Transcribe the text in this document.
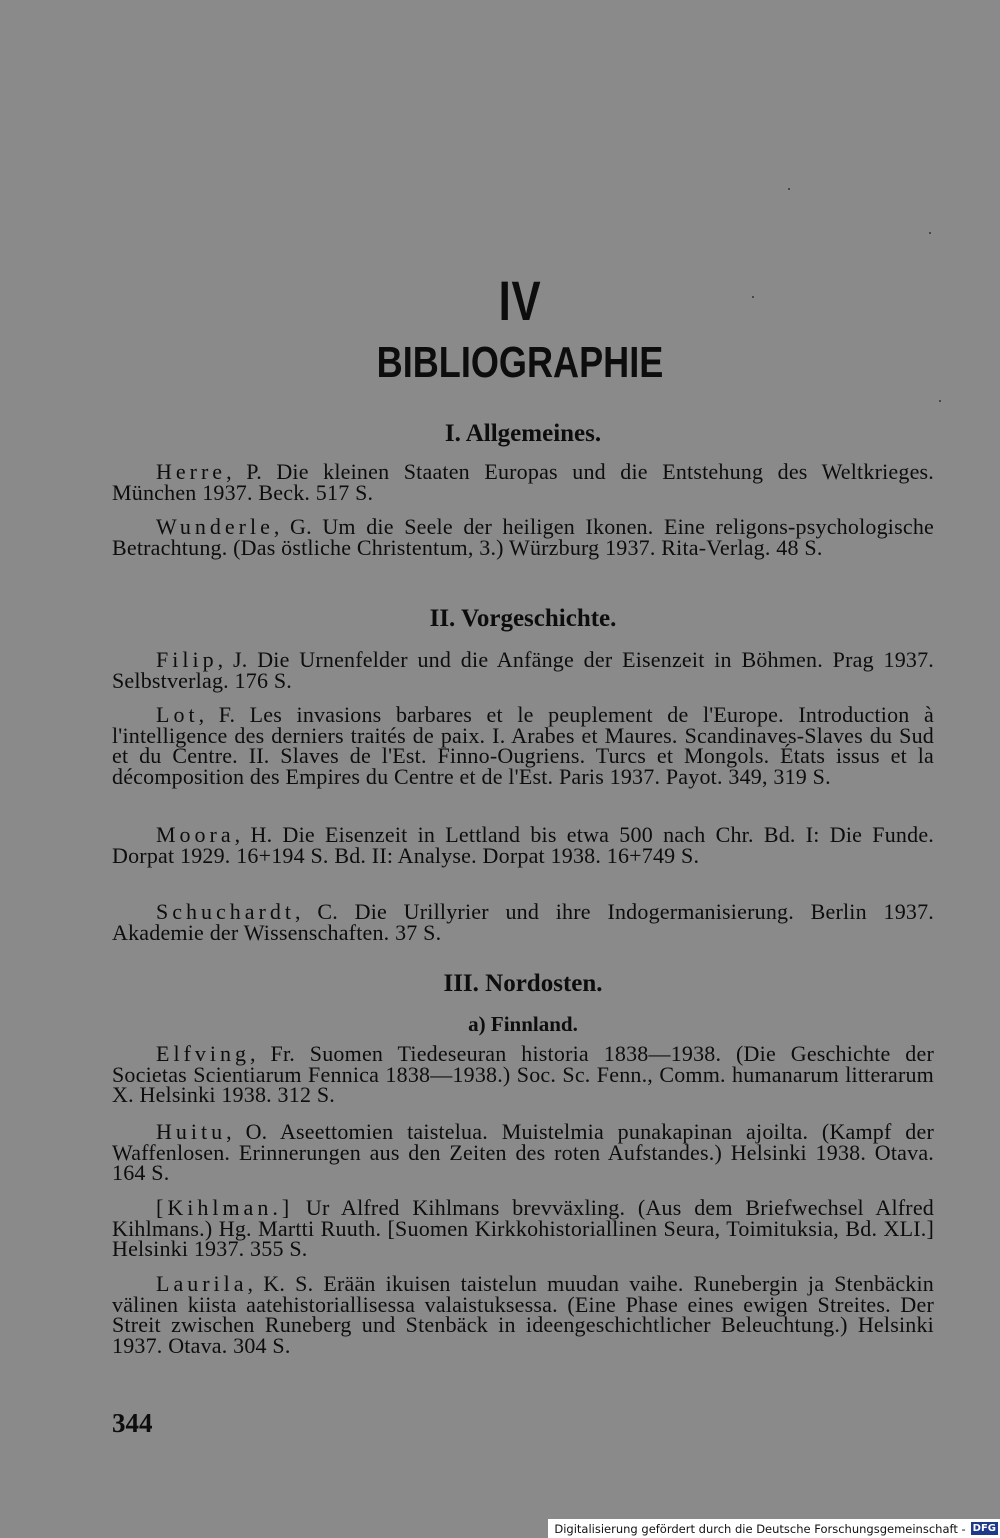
IV
BIBLIOGRAPHIE
I. Allgemeines.
Herre, P. Die kleinen Staaten Europas und die Entstehung des Weltkrieges. München 1937. Beck. 517 S.
Wunderle, G. Um die Seele der heiligen Ikonen. Eine religons-psychologische Betrachtung. (Das östliche Christentum, 3.) Würzburg 1937. Rita-Verlag. 48 S.
II. Vorgeschichte.
Filip, J. Die Urnenfelder und die Anfänge der Eisenzeit in Böhmen. Prag 1937. Selbstverlag. 176 S.
Lot, F. Les invasions barbares et le peuplement de l'Europe. Introduction à l'intelligence des derniers traités de paix. I. Arabes et Maures. Scandinaves-Slaves du Sud et du Centre. II. Slaves de l'Est. Finno-Ougriens. Turcs et Mongols. États issus et la décomposition des Empires du Centre et de l'Est. Paris 1937. Payot. 349, 319 S.
Moora, H. Die Eisenzeit in Lettland bis etwa 500 nach Chr. Bd. I: Die Funde. Dorpat 1929. 16+194 S. Bd. II: Analyse. Dorpat 1938. 16+749 S.
Schuchardt, C. Die Urillyrier und ihre Indogermanisierung. Berlin 1937. Akademie der Wissenschaften. 37 S.
III. Nordosten.
a) Finnland.
Elfving, Fr. Suomen Tiedeseuran historia 1838—1938. (Die Geschichte der Societas Scientiarum Fennica 1838—1938.) Soc. Sc. Fenn., Comm. humanarum litterarum X. Helsinki 1938. 312 S.
Huitu, O. Aseettomien taistelua. Muistelmia punakapinan ajoilta. (Kampf der Waffenlosen. Erinnerungen aus den Zeiten des roten Aufstandes.) Helsinki 1938. Otava. 164 S.
[Kihlman.] Ur Alfred Kihlmans brevväxling. (Aus dem Briefwechsel Alfred Kihlmans.) Hg. Martti Ruuth. [Suomen Kirkkohistoriallinen Seura, Toimituksia, Bd. XLI.] Helsinki 1937. 355 S.
Laurila, K. S. Erään ikuisen taistelun muudan vaihe. Runebergin ja Stenbäckin välinen kiista aatehistoriallisessa valaistuksessa. (Eine Phase eines ewigen Streites. Der Streit zwischen Runeberg und Stenbäck in ideengeschichtlicher Beleuchtung.) Helsinki 1937. Otava. 304 S.
344
Digitalisierung gefördert durch die Deutsche Forschungsgemeinschaft - DFG
